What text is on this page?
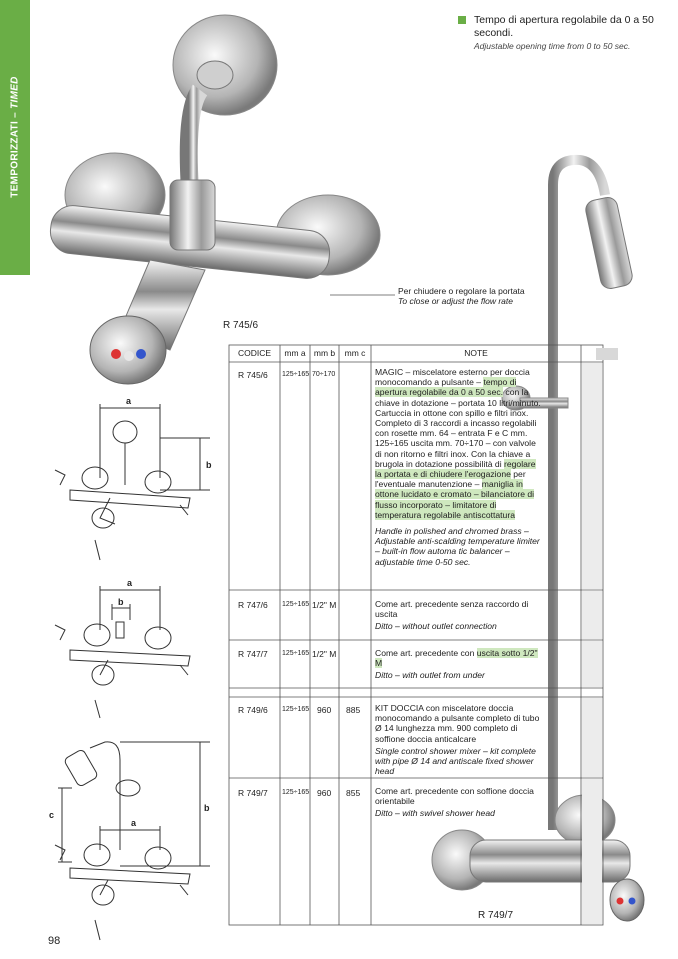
TEMPORIZZATI – TIMED
Tempo di apertura regolabile da 0 a 50 secondi.
Adjustable opening time from 0 to 50 sec.
Per chiudere o regolare la portata
To close or adjust the flow rate
R 745/6
R 749/7
a
b
a
b
b
c
a
CODICE	mm a mm b	mm c	NOTE
R 745/6 125÷165 70÷170	MAGIC – miscelatore esterno per doccia monocomando a pulsante – tempo di apertura regolabile da 0 a 50 sec. con la chiave in dotazione – portata 10 litri/minuto. Cartuccia in ottone con spillo e filtri inox. Completo di 3 raccordi a incasso regolabili con rosette mm. 64 – entrata F e C mm. 125÷165 uscita mm. 70÷170 – con valvole di non ritorno e filtri inox. Con la chiave a brugola in dotazione possibilità di regolare la portata e di chiudere l'erogazione per l'eventuale manutenzione – maniglia in ottone lucidato e cromato – bilanciatore di flusso incorporato – limitatore di temperatura regolabile antiscottatura
Handle in polished and chromed brass – Adjustable anti-scalding temperature limiter – built-in flow automa tic balancer – adjustable time 0-50 sec.
R 747/6 125÷165 1/2" M	Come art. precedente senza raccordo di uscita
Ditto – without outlet connection
R 747/7 125÷165 1/2" M	Come art. precedente con uscita sotto 1/2" M
Ditto – with outlet from under
R 749/6 125÷165 960 885 KIT DOCCIA con miscelatore doccia monocomando a pulsante completo di tubo Ø 14 lunghezza mm. 900 completo di soffione doccia anticalcare
Single control shower mixer – kit complete with pipe Ø 14 and antiscale fixed shower head
R 749/7 125÷165 960 855 Come art. precedente con soffione doccia orientabile
Ditto – with swivel shower head
98
